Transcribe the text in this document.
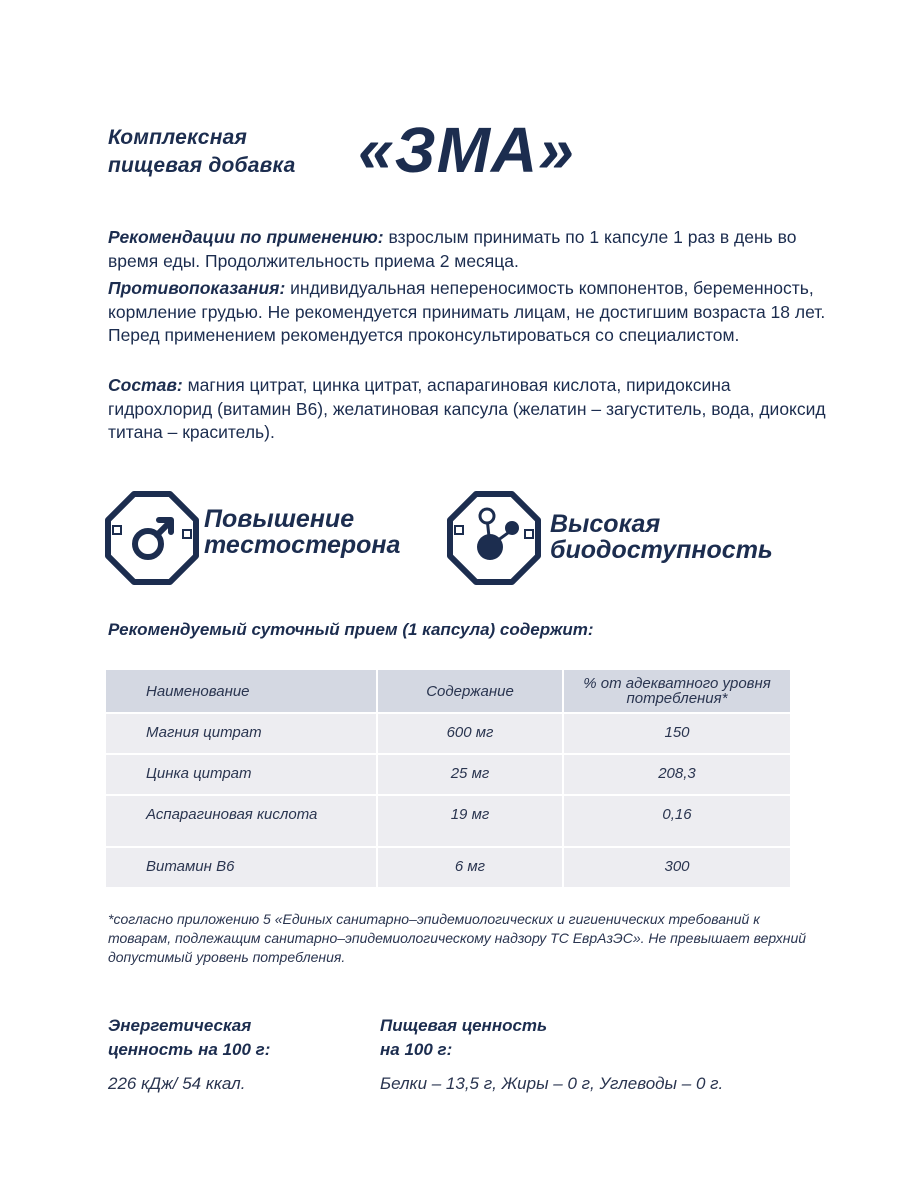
Комплексная
пищевая добавка «ЗМА»
Рекомендации по применению: взрослым принимать по 1 капсуле 1 раз в день во время еды. Продолжительность приема 2 месяца.
Противопоказания: индивидуальная непереносимость компонентов, беременность, кормление грудью. Не рекомендуется принимать лицам, не достигшим возраста 18 лет. Перед применением рекомендуется проконсультироваться со специалистом.
Состав: магния цитрат, цинка цитрат, аспарагиновая кислота, пиридоксина гидрохлорид (витамин В6), желатиновая капсула (желатин – загуститель, вода, диоксид титана – краситель).
Повышение
тестостерона
Высокая
биодоступность
Рекомендуемый суточный прием (1 капсула) содержит:
Наименование	Содержание	% от адекватного уровня потребления*
Магния цитрат	600 мг	150
Цинка цитрат	25 мг	208,3
Аспарагиновая кислота	19 мг	0,16
Витамин В6	6 мг	300
*согласно приложению 5 «Единых санитарно–эпидемиологических и гигиенических требований к товарам, подлежащим санитарно–эпидемиологическому надзору ТС ЕврАзЭС». Не превышает верхний допустимый уровень потребления.
Энергетическая
ценность на 100 г:
226 кДж/ 54 ккал.
Пищевая ценность
на 100 г:
Белки – 13,5 г, Жиры – 0 г, Углеводы – 0 г.
